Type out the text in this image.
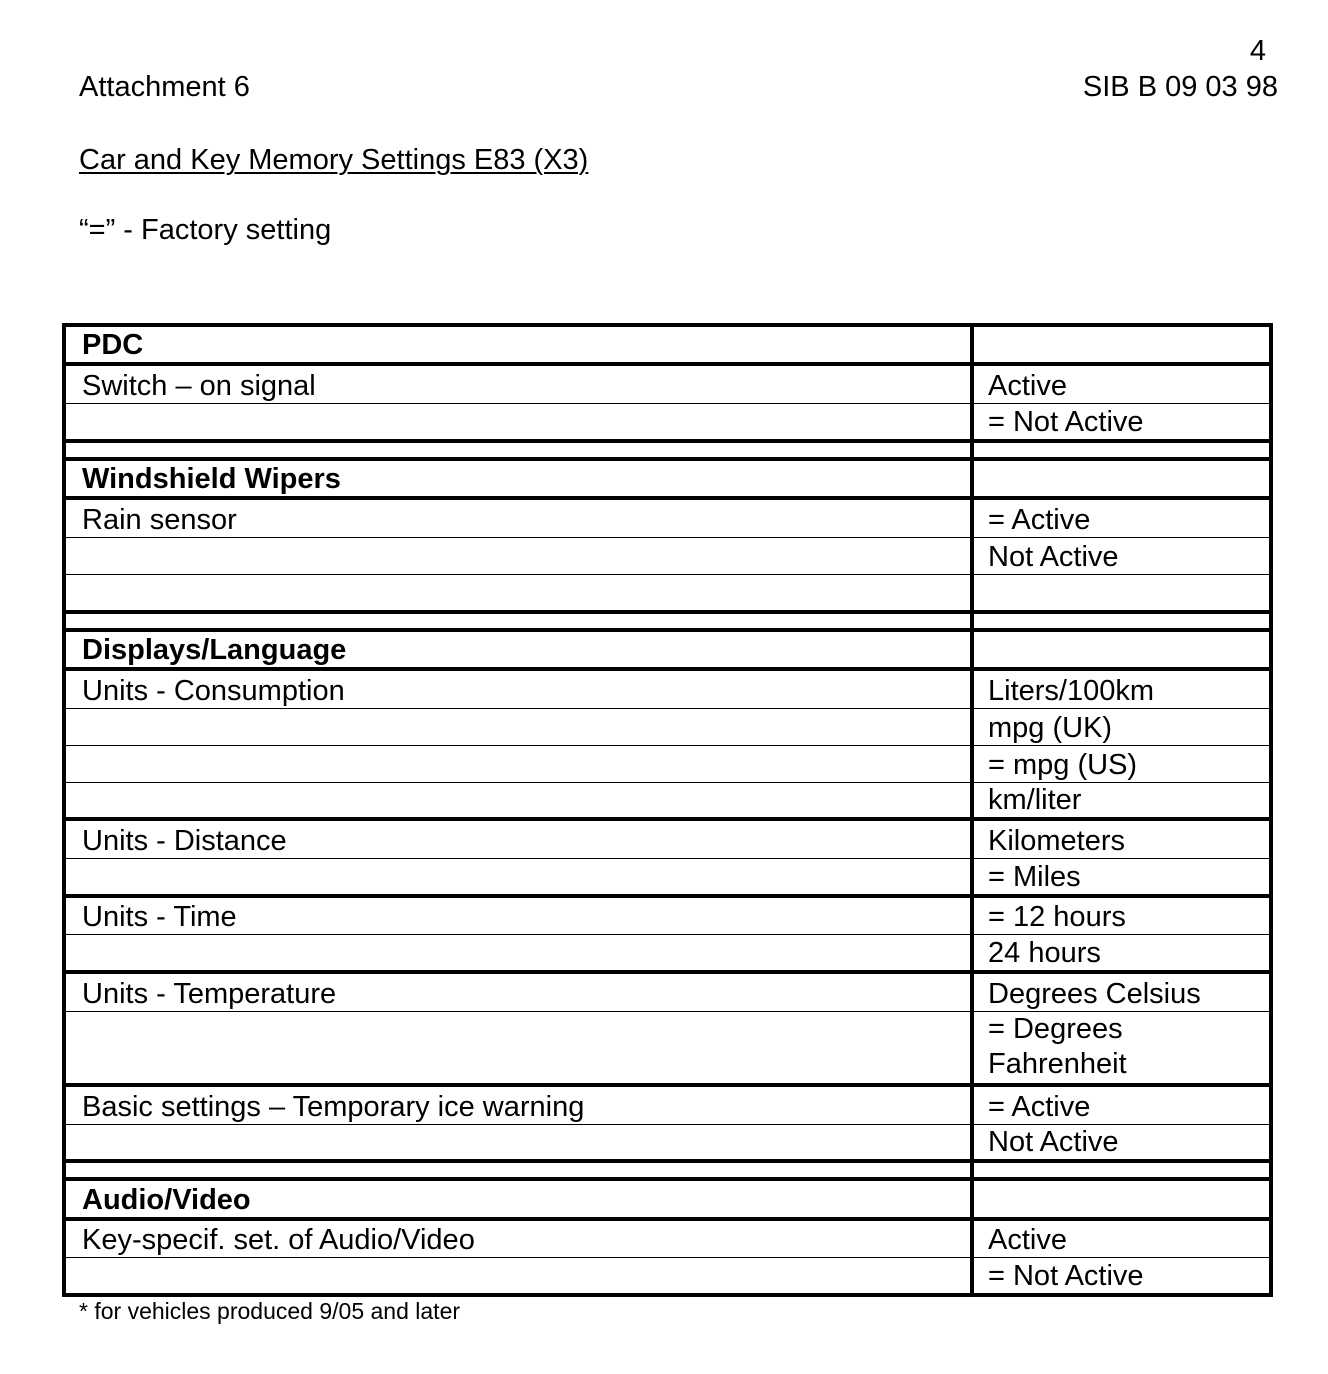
4
Attachment 6	SIB B 09 03 98
Car and Key Memory Settings E83 (X3)
“=” - Factory setting
PDC	
Switch – on signal	Active
	= Not Active

Windshield Wipers	
Rain sensor	= Active
	Not Active

Displays/Language	
Units - Consumption	Liters/100km
	mpg (UK)
	= mpg (US)
	km/liter
Units - Distance	Kilometers
	= Miles
Units - Time	= 12 hours
	24 hours
Units - Temperature	Degrees Celsius
	= Degrees
Fahrenheit
Basic settings – Temporary ice warning	= Active
	Not Active

Audio/Video	
Key-specif. set. of Audio/Video	Active
	= Not Active
* for vehicles produced 9/05 and later
